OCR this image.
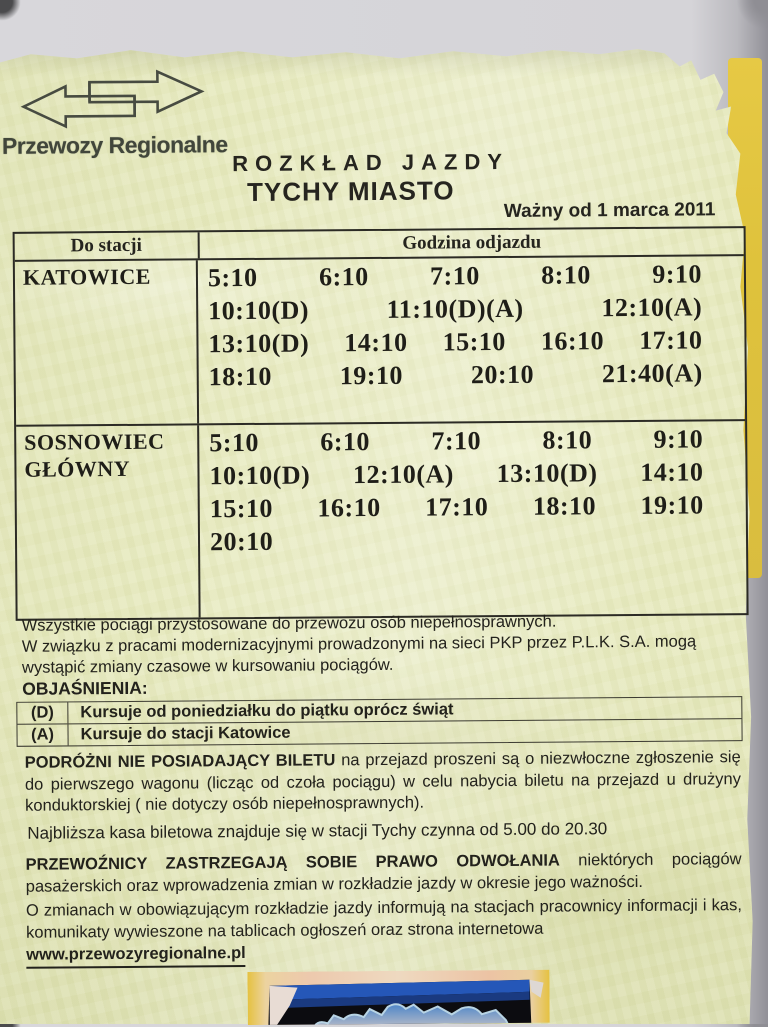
Przewozy Regionalne
ROZKŁAD JAZDY
TYCHY MIASTO
Ważny od 1 marca 2011
Do stacji	Godzina odjazdu
KATOWICE	5:10 6:10 7:10 8:10 9:10
10:10(D)	11:10(D)(A)	12:10(A)
13:10(D) 14:10 15:10 16:10 17:10
18:10	19:10	20:10	21:40(A)
SOSNOWIEC GŁÓWNY
5:10 6:10 7:10 8:10 9:10
10:10(D) 12:10(A) 13:10(D) 14:10
15:10 16:10 17:10 18:10 19:10
20:10
Wszystkie pociągi przystosowane do przewozu osób niepełnosprawnych.
W związku z pracami modernizacyjnymi prowadzonymi na sieci PKP przez P.L.K. S.A. mogą wystąpić zmiany czasowe w kursowaniu pociągów.
OBJAŚNIENIA:
(D)	Kursuje od poniedziałku do piątku oprócz świąt
(A)	Kursuje do stacji Katowice
PODRÓŻNI NIE POSIADAJĄCY BILETU na przejazd proszeni są o niezwłoczne zgłoszenie się do pierwszego wagonu (licząc od czoła pociągu) w celu nabycia biletu na przejazd u drużyny konduktorskiej ( nie dotyczy osób niepełnosprawnych).
Najbliższa kasa biletowa znajduje się w stacji Tychy czynna od 5.00 do 20.30
PRZEWOŹNICY ZASTRZEGAJĄ SOBIE PRAWO ODWOŁANIA niektórych pociągów pasażerskich oraz wprowadzenia zmian w rozkładzie jazdy w okresie jego ważności.
O zmianach w obowiązującym rozkładzie jazdy informują na stacjach pracownicy informacji i kas, komunikaty wywieszone na tablicach ogłoszeń oraz strona internetowa
www.przewozyregionalne.pl
